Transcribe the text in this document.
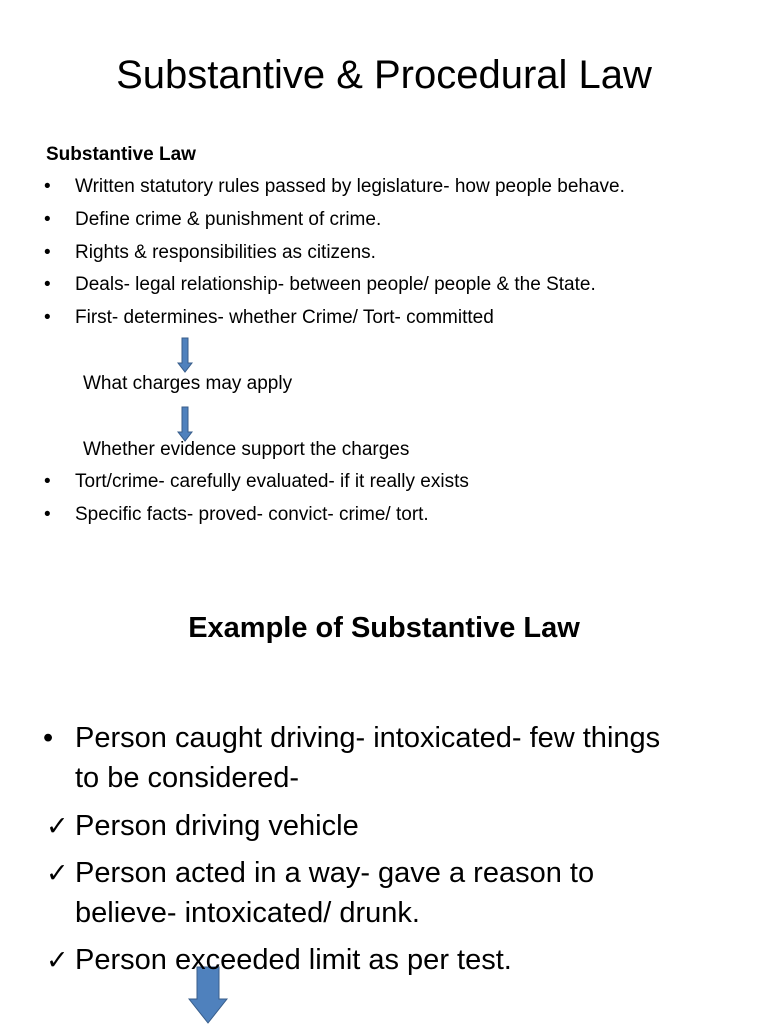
Substantive & Procedural Law
Substantive Law
• Written statutory rules passed by legislature- how people behave.
• Define crime & punishment of crime.
• Rights & responsibilities as citizens.
• Deals- legal relationship- between people/ people & the State.
• First- determines- whether Crime/ Tort- committed
What charges may apply
Whether evidence support the charges
• Tort/crime- carefully evaluated- if it really exists
• Specific facts- proved- convict- crime/ tort.
Example of Substantive Law
• Person caught driving- intoxicated- few things
to be considered-
✓ Person driving vehicle
✓ Person acted in a way- gave a reason to
believe- intoxicated/ drunk.
✓ Person exceeded limit as per test.
